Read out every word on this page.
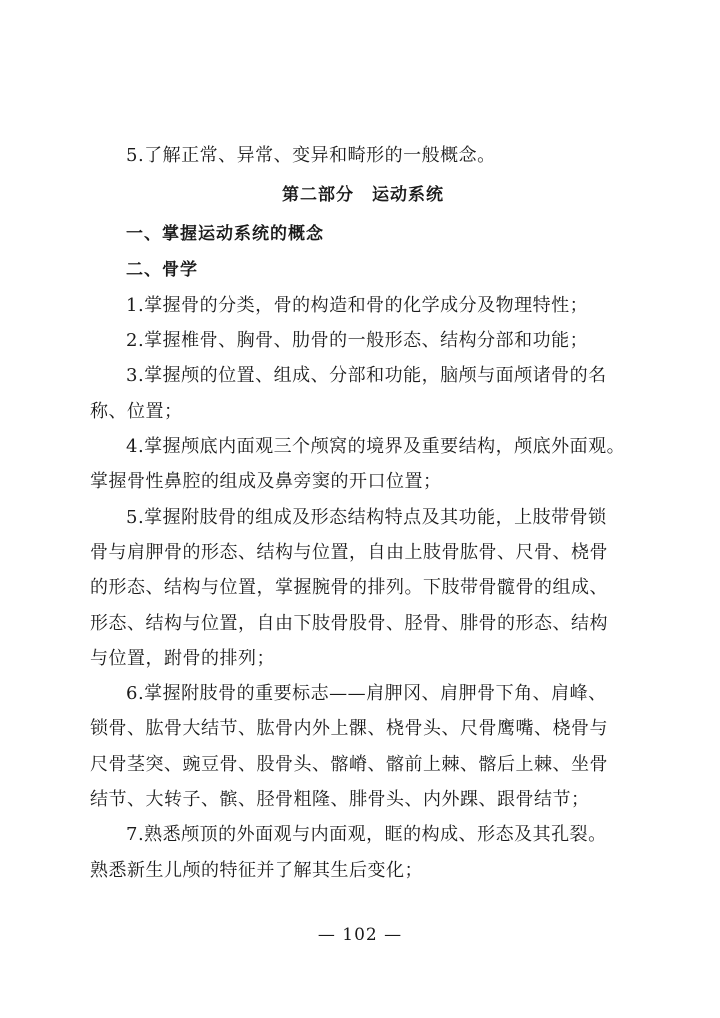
5.了解正常、异常、变异和畸形的一般概念。
第二部分 运动系统
一、掌握运动系统的概念
二、骨学
1.掌握骨的分类，骨的构造和骨的化学成分及物理特性；
2.掌握椎骨、胸骨、肋骨的一般形态、结构分部和功能；
3.掌握颅的位置、组成、分部和功能，脑颅与面颅诸骨的名
称、位置；
4.掌握颅底内面观三个颅窝的境界及重要结构，颅底外面观。
掌握骨性鼻腔的组成及鼻旁窦的开口位置；
5.掌握附肢骨的组成及形态结构特点及其功能，上肢带骨锁
骨与肩胛骨的形态、结构与位置，自由上肢骨肱骨、尺骨、桡骨
的形态、结构与位置，掌握腕骨的排列。下肢带骨髋骨的组成、
形态、结构与位置，自由下肢骨股骨、胫骨、腓骨的形态、结构
与位置，跗骨的排列；
6.掌握附肢骨的重要标志——肩胛冈、肩胛骨下角、肩峰、
锁骨、肱骨大结节、肱骨内外上髁、桡骨头、尺骨鹰嘴、桡骨与
尺骨茎突、豌豆骨、股骨头、髂嵴、髂前上棘、髂后上棘、坐骨
结节、大转子、髌、胫骨粗隆、腓骨头、内外踝、跟骨结节；
7.熟悉颅顶的外面观与内面观，眶的构成、形态及其孔裂。
熟悉新生儿颅的特征并了解其生后变化；
— 102 —
